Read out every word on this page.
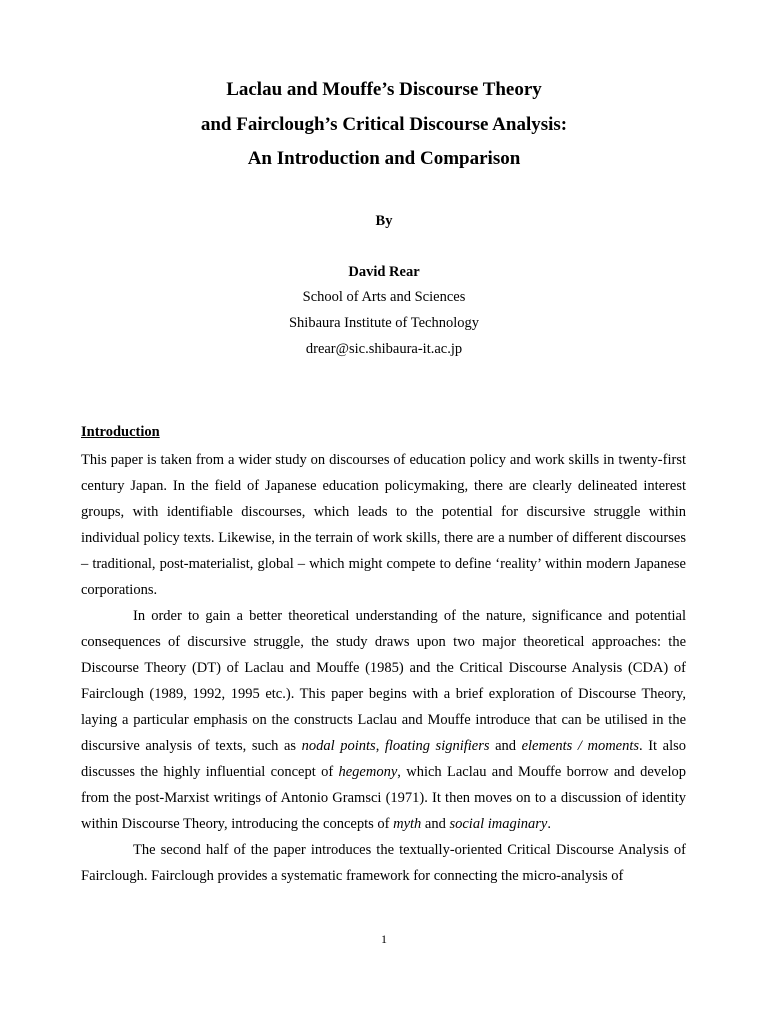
Laclau and Mouffe’s Discourse Theory
and Fairclough’s Critical Discourse Analysis:
An Introduction and Comparison
By
David Rear
School of Arts and Sciences
Shibaura Institute of Technology
drear@sic.shibaura-it.ac.jp
Introduction

This paper is taken from a wider study on discourses of education policy and work skills in twenty-first century Japan. In the field of Japanese education policymaking, there are clearly delineated interest groups, with identifiable discourses, which leads to the potential for discursive struggle within individual policy texts. Likewise, in the terrain of work skills, there are a number of different discourses – traditional, post-materialist, global – which might compete to define ‘reality’ within modern Japanese corporations.

In order to gain a better theoretical understanding of the nature, significance and potential consequences of discursive struggle, the study draws upon two major theoretical approaches: the Discourse Theory (DT) of Laclau and Mouffe (1985) and the Critical Discourse Analysis (CDA) of Fairclough (1989, 1992, 1995 etc.). This paper begins with a brief exploration of Discourse Theory, laying a particular emphasis on the constructs Laclau and Mouffe introduce that can be utilised in the discursive analysis of texts, such as nodal points, floating signifiers and elements / moments. It also discusses the highly influential concept of hegemony, which Laclau and Mouffe borrow and develop from the post-Marxist writings of Antonio Gramsci (1971). It then moves on to a discussion of identity within Discourse Theory, introducing the concepts of myth and social imaginary.

The second half of the paper introduces the textually-oriented Critical Discourse Analysis of Fairclough. Fairclough provides a systematic framework for connecting the micro-analysis of

1
